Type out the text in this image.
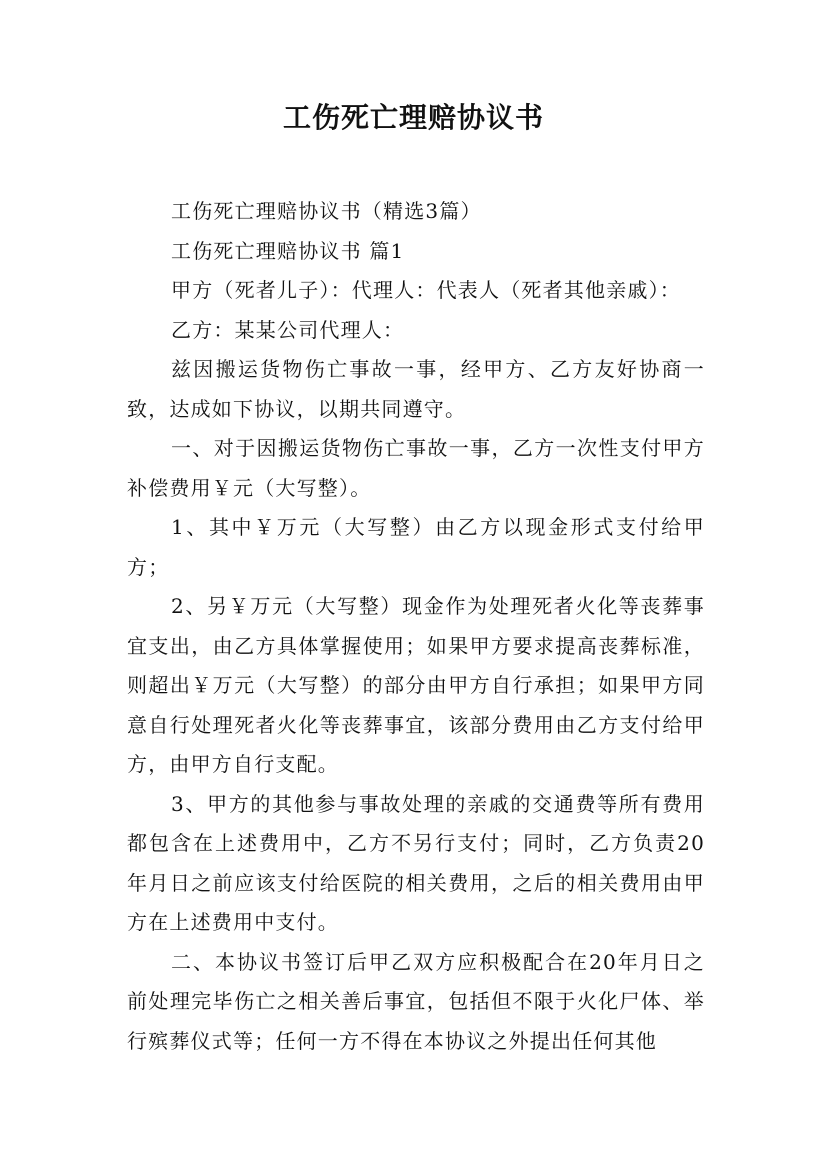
工伤死亡理赔协议书

工伤死亡理赔协议书（精选3篇）

工伤死亡理赔协议书 篇1

甲方（死者儿子）：代理人：代表人（死者其他亲戚）：

乙方：某某公司代理人：

兹因搬运货物伤亡事故一事，经甲方、乙方友好协商一致，达成如下协议，以期共同遵守。

一、对于因搬运货物伤亡事故一事，乙方一次性支付甲方补偿费用￥元（大写整）。

1、其中￥万元（大写整）由乙方以现金形式支付给甲方；

2、另￥万元（大写整）现金作为处理死者火化等丧葬事宜支出，由乙方具体掌握使用；如果甲方要求提高丧葬标准，则超出￥万元（大写整）的部分由甲方自行承担；如果甲方同意自行处理死者火化等丧葬事宜，该部分费用由乙方支付给甲方，由甲方自行支配。

3、甲方的其他参与事故处理的亲戚的交通费等所有费用都包含在上述费用中，乙方不另行支付；同时，乙方负责20年月日之前应该支付给医院的相关费用，之后的相关费用由甲方在上述费用中支付。

二、本协议书签订后甲乙双方应积极配合在20年月日之前处理完毕伤亡之相关善后事宜，包括但不限于火化尸体、举行殡葬仪式等；任何一方不得在本协议之外提出任何其他
